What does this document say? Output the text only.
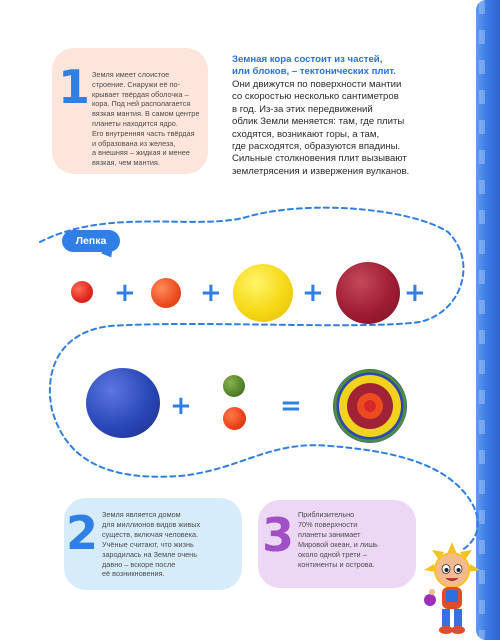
1 Земля имеет слоистое
строение. Снаружи её по-
крывает твёрдая оболочка –
кора. Под ней располагается
вязкая мантия. В самом центре
планеты находится ядро.
Его внутренняя часть твёрдая
и образована из железа,
а внешняя – жидкая и менее
вязкая, чем мантия.
Земная кора состоит из частей,
или блоков, – тектонических плит.
Они движутся по поверхности мантии
со скоростью несколько сантиметров
в год. Из-за этих передвижений
облик Земли меняется: там, где плиты
сходятся, возникают горы, а там,
где расходятся, образуются впадины.
Сильные столкновения плит вызывают
землетрясения и извержения вулканов.
Лепка
+ +	+	+
+	=
2 Земля является домом
для миллионов видов живых
существ, включая человека.
Учёные считают, что жизнь
зародилась на Земле очень
давно – вскоре после
её возникновения.
3 Приблизительно
70% поверхности
планеты занимает
Мировой океан, и лишь
около одной трети –
континенты и острова.
